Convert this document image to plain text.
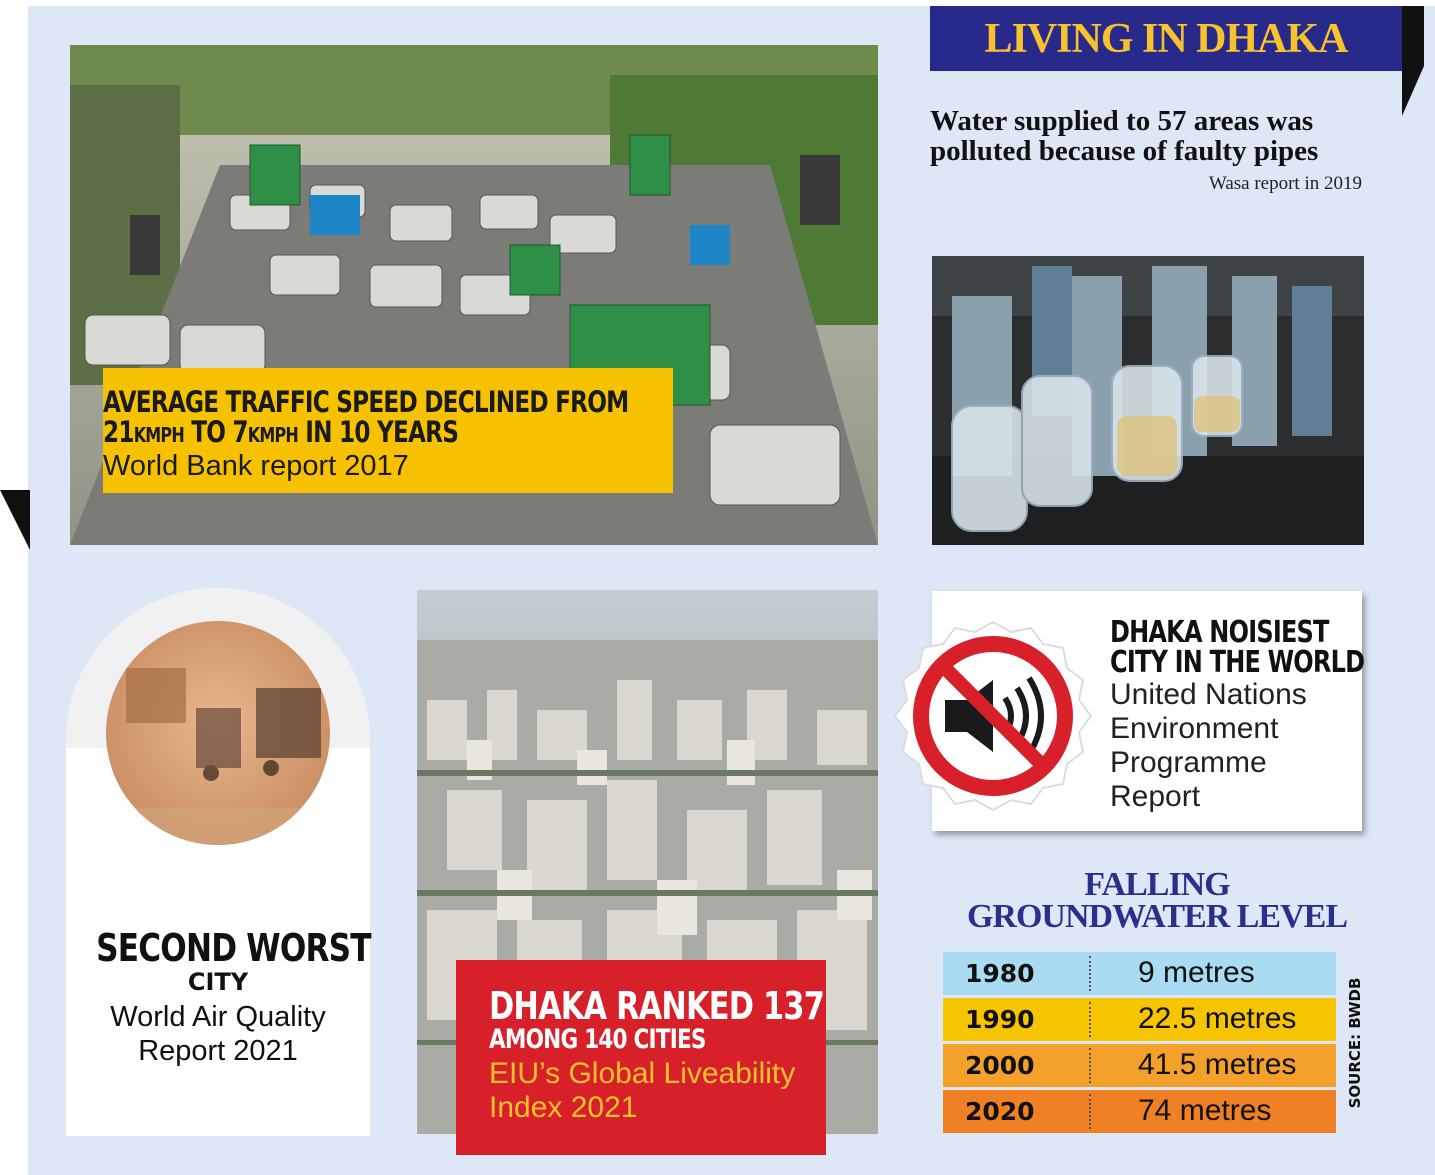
LIVING IN DHAKA
Water supplied to 57 areas was polluted because of faulty pipes
Wasa report in 2019
AVERAGE TRAFFIC SPEED DECLINED FROM
21KMPH TO 7KMPH IN 10 YEARS
World Bank report 2017
DHAKA NOISIEST
CITY IN THE WORLD
United Nations Environment Programme Report
SECOND WORST
CITY
World Air Quality Report 2021
DHAKA RANKED 137
AMONG 140 CITIES
EIU’s Global Liveability Index 2021
FALLING
GROUNDWATER LEVEL
1980	9 metres
1990	22.5 metres
2000	41.5 metres
2020	74 metres
SOURCE: BWDB
